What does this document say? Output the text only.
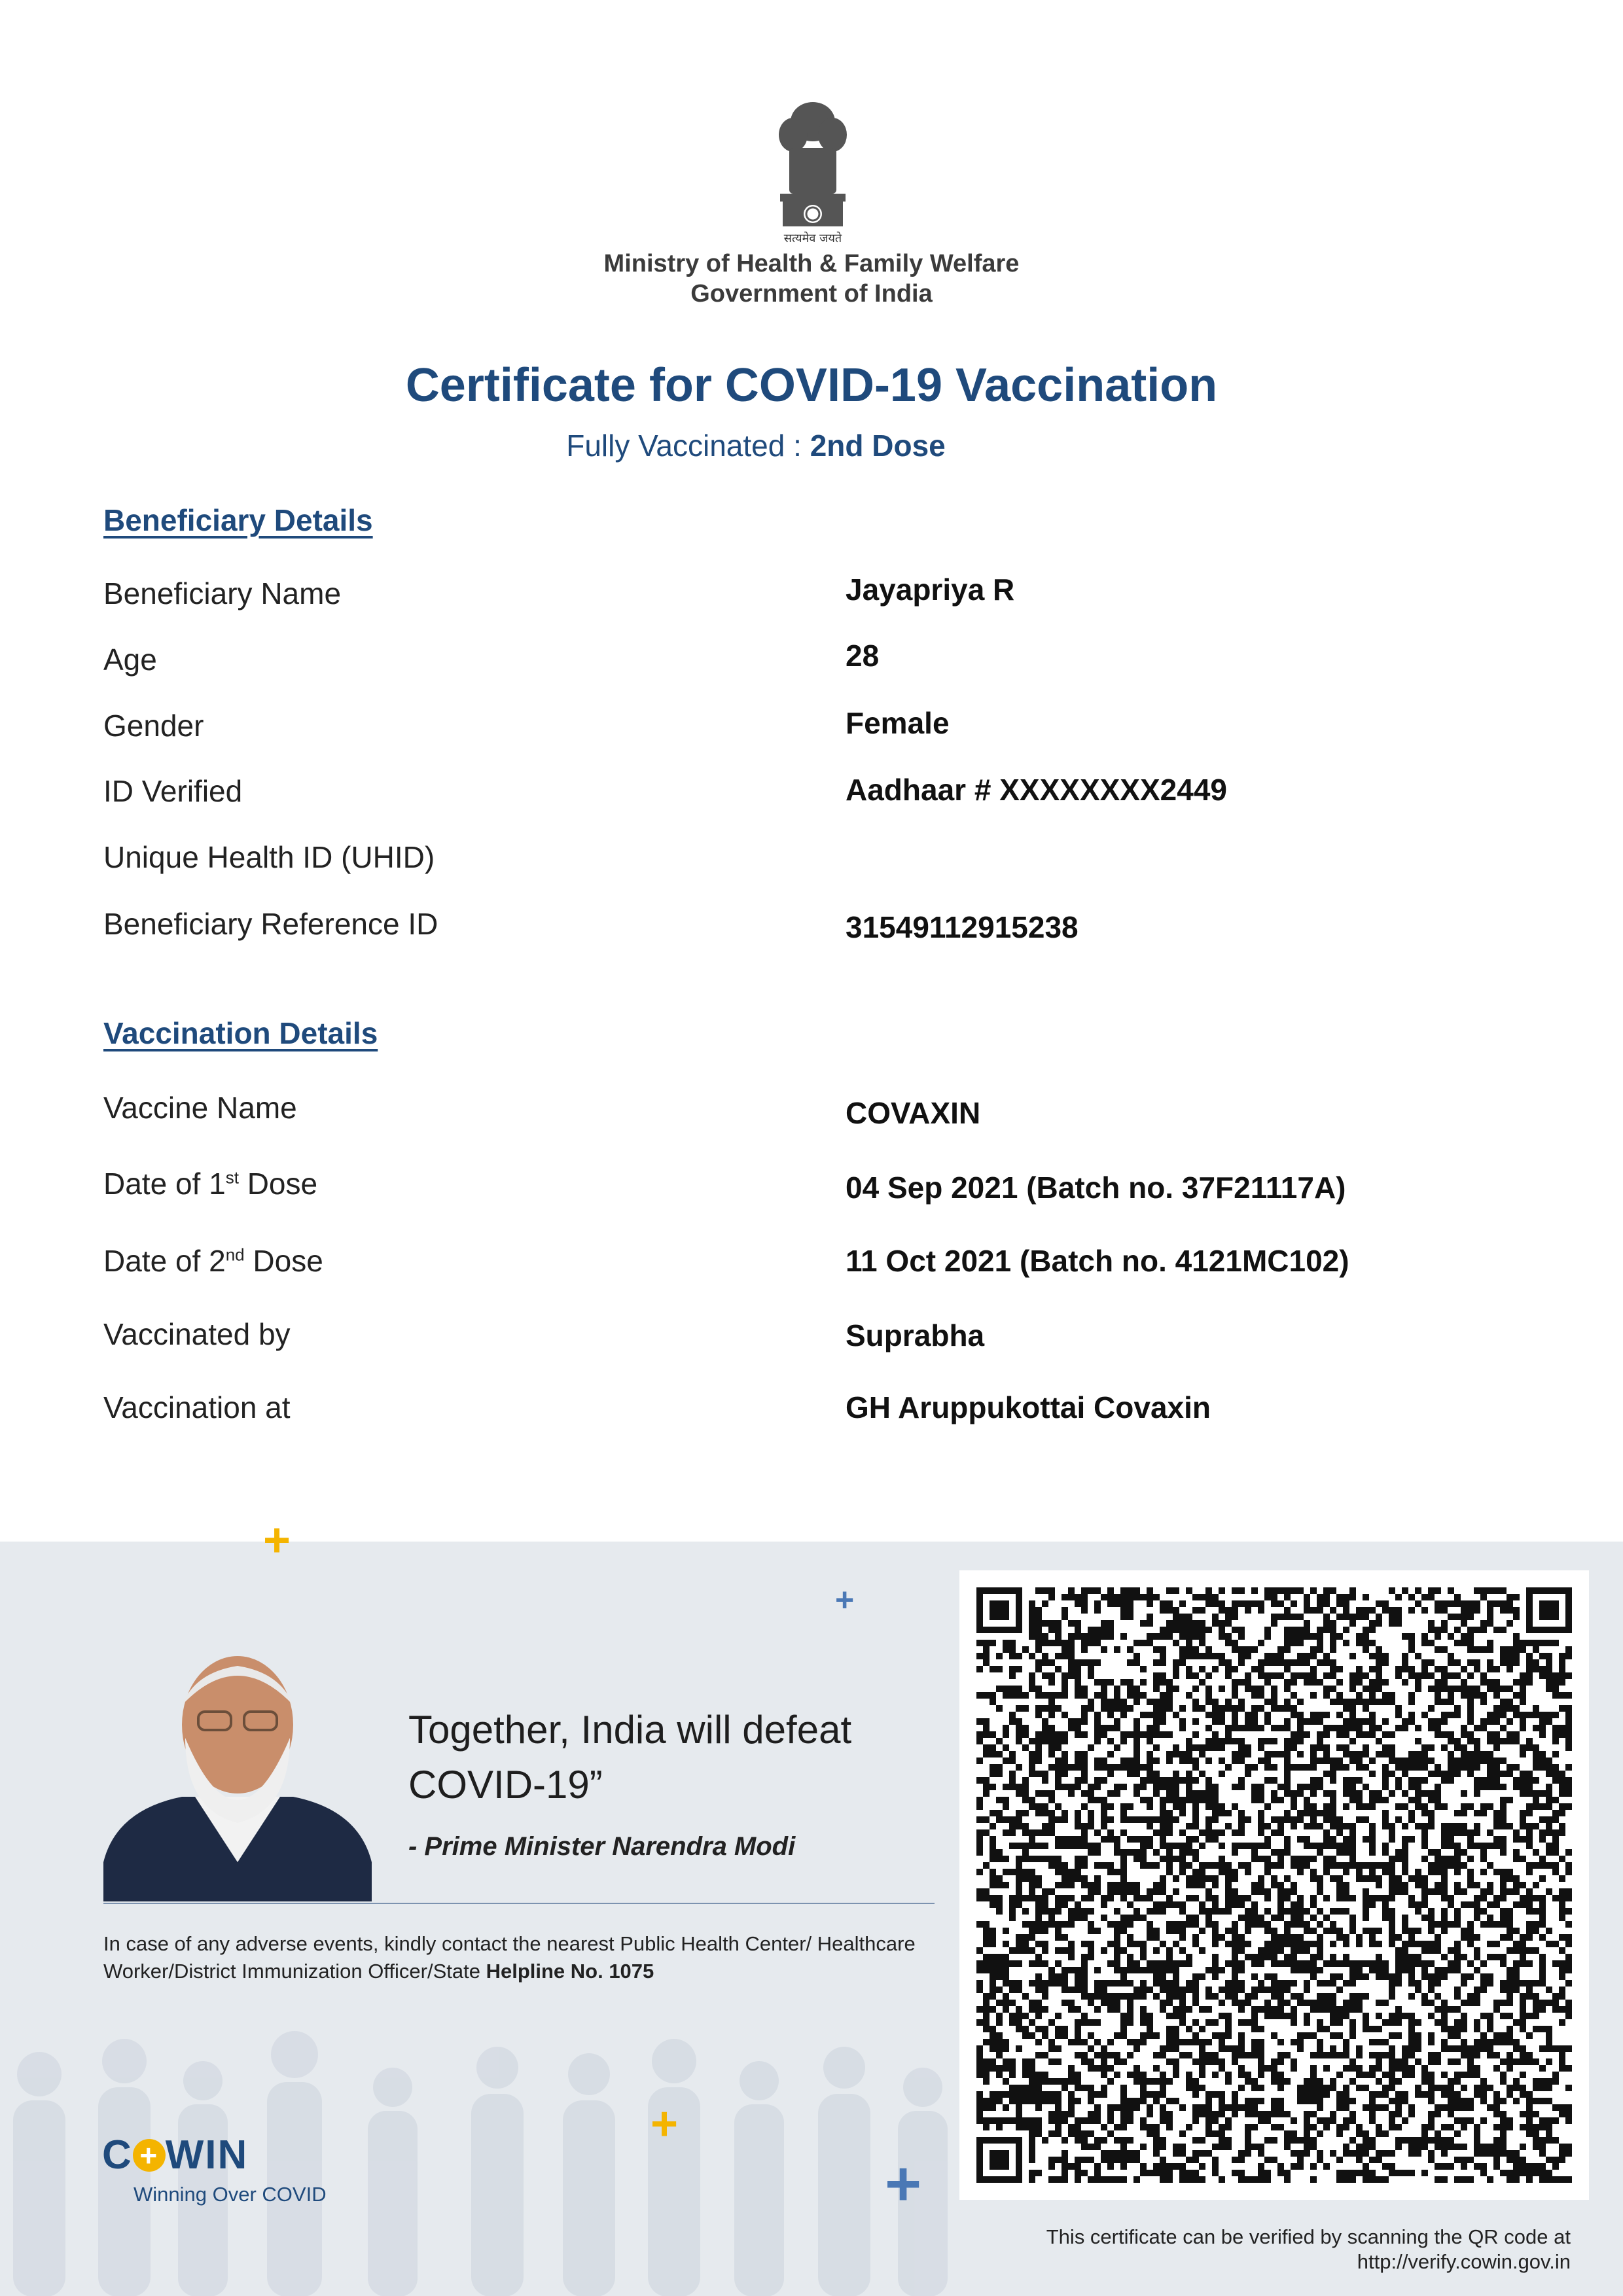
सत्यमेव जयते
Ministry of Health & Family Welfare
Government of India
Certificate for COVID-19 Vaccination
Fully Vaccinated : 2nd Dose
Beneficiary Details
Beneficiary Name	Jayapriya R
Age	28
Gender	Female
ID Verified	Aadhaar # XXXXXXXX2449
Unique Health ID (UHID)
Beneficiary Reference ID	31549112915238
Vaccination Details
Vaccine Name	COVAXIN
Date of 1st Dose	04 Sep 2021 (Batch no. 37F21117A)
Date of 2nd Dose	11 Oct 2021 (Batch no. 4121MC102)
Vaccinated by	Suprabha
Vaccination at	GH Aruppukottai Covaxin
+
+
+
+
Together, India will defeat
COVID-19”
- Prime Minister Narendra Modi
In case of any adverse events, kindly contact the nearest Public Health Center/ Healthcare Worker/District Immunization Officer/State Helpline No. 1075
C + WIN
Winning Over COVID
This certificate can be verified by scanning the QR code at
http://verify.cowin.gov.in
